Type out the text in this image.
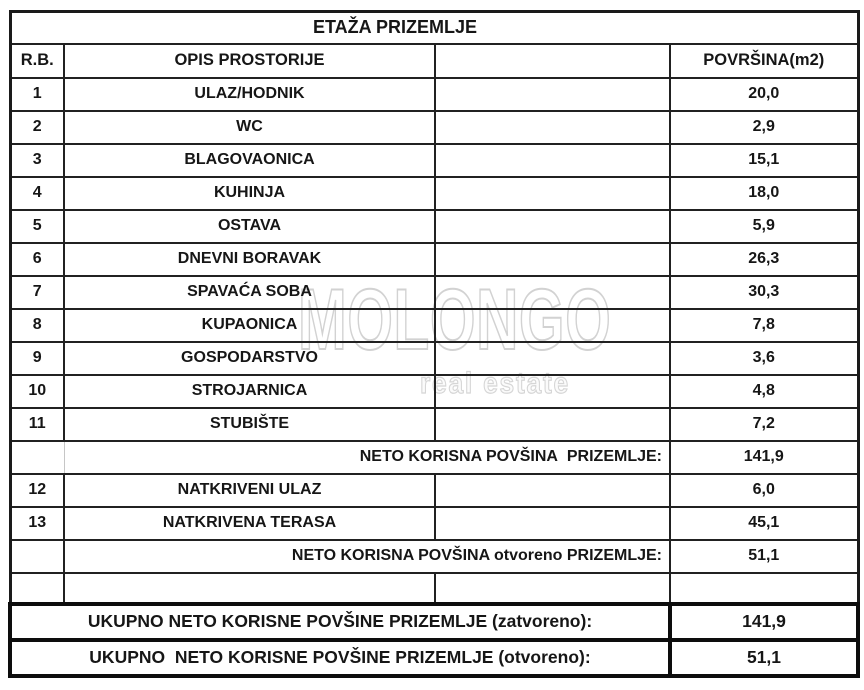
MOLONGO
real estate
ETAŽA PRIZEMLJE			
R.B.	OPIS PROSTORIJE		POVRŠINA(m2)
1	ULAZ/HODNIK		20,0
2	WC		2,9
3	BLAGOVAONICA		15,1
4	KUHINJA		18,0
5	OSTAVA		5,9
6	DNEVNI BORAVAK		26,3
7	SPAVAĆA SOBA		30,3
8	KUPAONICA		7,8
9	GOSPODARSTVO		3,6
10	STROJARNICA		4,8
11	STUBIŠTE		7,2
	NETO KORISNA POVŠINA  PRIZEMLJE:		141,9
12	NATKRIVENI ULAZ		6,0
13	NATKRIVENA TERASA		45,1
	NETO KORISNA POVŠINA otvoreno PRIZEMLJE:		51,1

UKUPNO NETO KORISNE POVŠINE PRIZEMLJE (zatvoreno):			141,9
UKUPNO  NETO KORISNE POVŠINE PRIZEMLJE (otvoreno):			51,1
